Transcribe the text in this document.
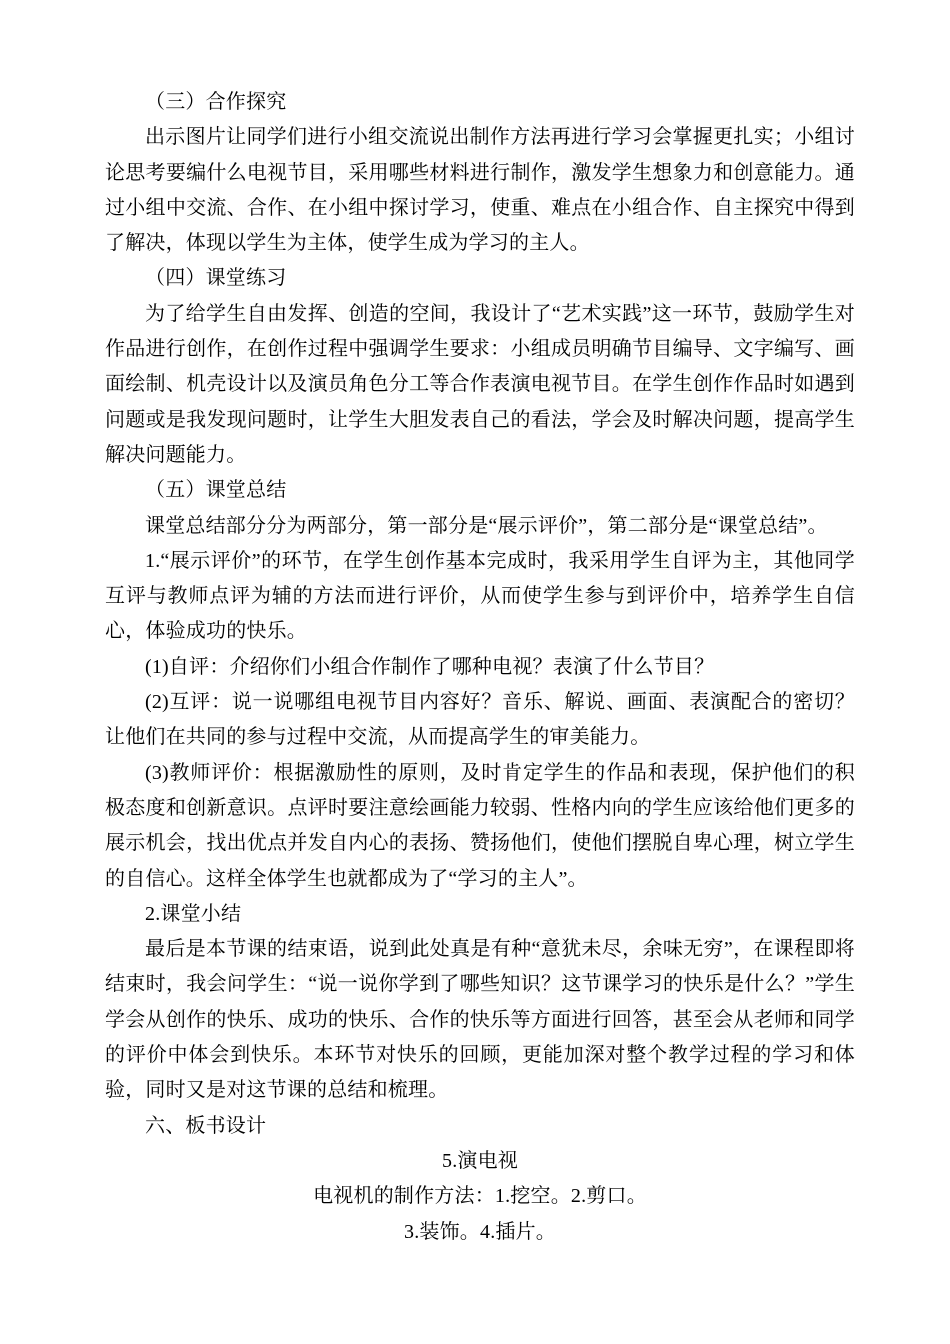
（三）合作探究

出示图片让同学们进行小组交流说出制作方法再进行学习会掌握更扎实；小组讨论思考要编什么电视节目，采用哪些材料进行制作，激发学生想象力和创意能力。通过小组中交流、合作、在小组中探讨学习，使重、难点在小组合作、自主探究中得到了解决，体现以学生为主体，使学生成为学习的主人。

（四）课堂练习

为了给学生自由发挥、创造的空间，我设计了“艺术实践”这一环节，鼓励学生对作品进行创作，在创作过程中强调学生要求：小组成员明确节目编导、文字编写、画面绘制、机壳设计以及演员角色分工等合作表演电视节目。在学生创作作品时如遇到问题或是我发现问题时，让学生大胆发表自己的看法，学会及时解决问题，提高学生解决问题能力。

（五）课堂总结

课堂总结部分分为两部分，第一部分是“展示评价”，第二部分是“课堂总结”。

1.“展示评价”的环节，在学生创作基本完成时，我采用学生自评为主，其他同学互评与教师点评为辅的方法而进行评价，从而使学生参与到评价中，培养学生自信心，体验成功的快乐。

(1)自评：介绍你们小组合作制作了哪种电视？表演了什么节目？

(2)互评：说一说哪组电视节目内容好？音乐、解说、画面、表演配合的密切？让他们在共同的参与过程中交流，从而提高学生的审美能力。

(3)教师评价：根据激励性的原则，及时肯定学生的作品和表现，保护他们的积极态度和创新意识。点评时要注意绘画能力较弱、性格内向的学生应该给他们更多的展示机会，找出优点并发自内心的表扬、赞扬他们，使他们摆脱自卑心理，树立学生的自信心。这样全体学生也就都成为了“学习的主人”。

2.课堂小结

最后是本节课的结束语，说到此处真是有种“意犹未尽，余味无穷”，在课程即将结束时，我会问学生：“说一说你学到了哪些知识？这节课学习的快乐是什么？”学生学会从创作的快乐、成功的快乐、合作的快乐等方面进行回答，甚至会从老师和同学的评价中体会到快乐。本环节对快乐的回顾，更能加深对整个教学过程的学习和体验，同时又是对这节课的总结和梳理。

六、板书设计

5.演电视

电视机的制作方法：1.挖空。2.剪口。

3.装饰。4.插片。
